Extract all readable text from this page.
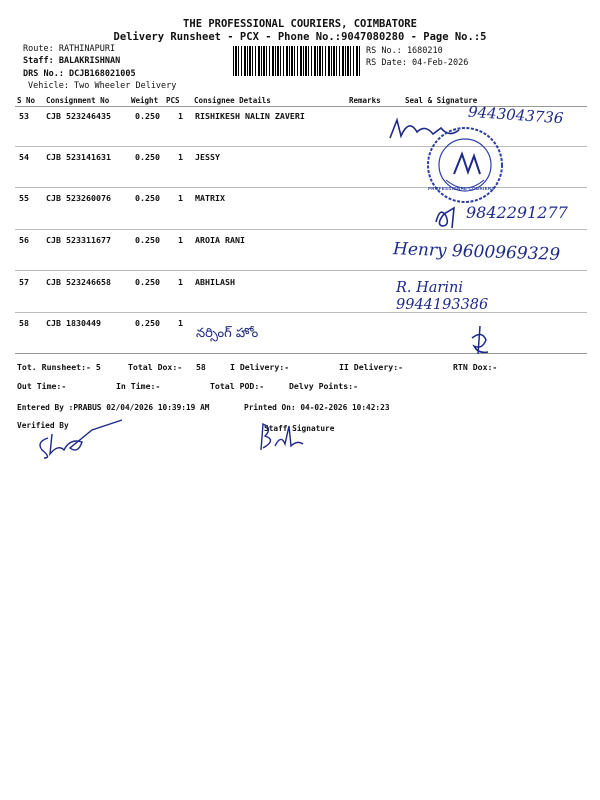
THE PROFESSIONAL COURIERS, COIMBATORE
Delivery Runsheet - PCX - Phone No.:9047080280 - Page No.:5
Route: RATHINAPURI
Staff: BALAKRISHNAN
DRS No.: DCJB168021005
Vehicle: Two Wheeler Delivery
RS No.: 1680210
RS Date: 04-Feb-2026
S No Consignment No	Weight PCS Consignee Details	Remarks	Seal & Signature
53 CJB 523246435	0.250 1 RISHIKESH NALIN ZAVERI
54 CJB 523141631	0.250 1 JESSY
55 CJB 523260076	0.250 1 MATRIX
56 CJB 523311677	0.250 1 AROIA RANI
57 CJB 523246658	0.250 1 ABHILASH
58 CJB 1830449	0.250 1
9443043736
PROFESSIONAL COURIERS
9842291277
Henry 9600969329
R. Harini 9944193386
నర్సింగ్ హోం
Tot. Runsheet:- 5	Total Dox:- 58	I Delivery:-	II Delivery:-	RTN Dox:-
Out Time:-	In Time:-	Total POD:-	Delvy Points:-
Entered By :PRABUS 02/04/2026 10:39:19 AM	Printed On: 04-02-2026 10:42:23
Verified By	Staff Signature
